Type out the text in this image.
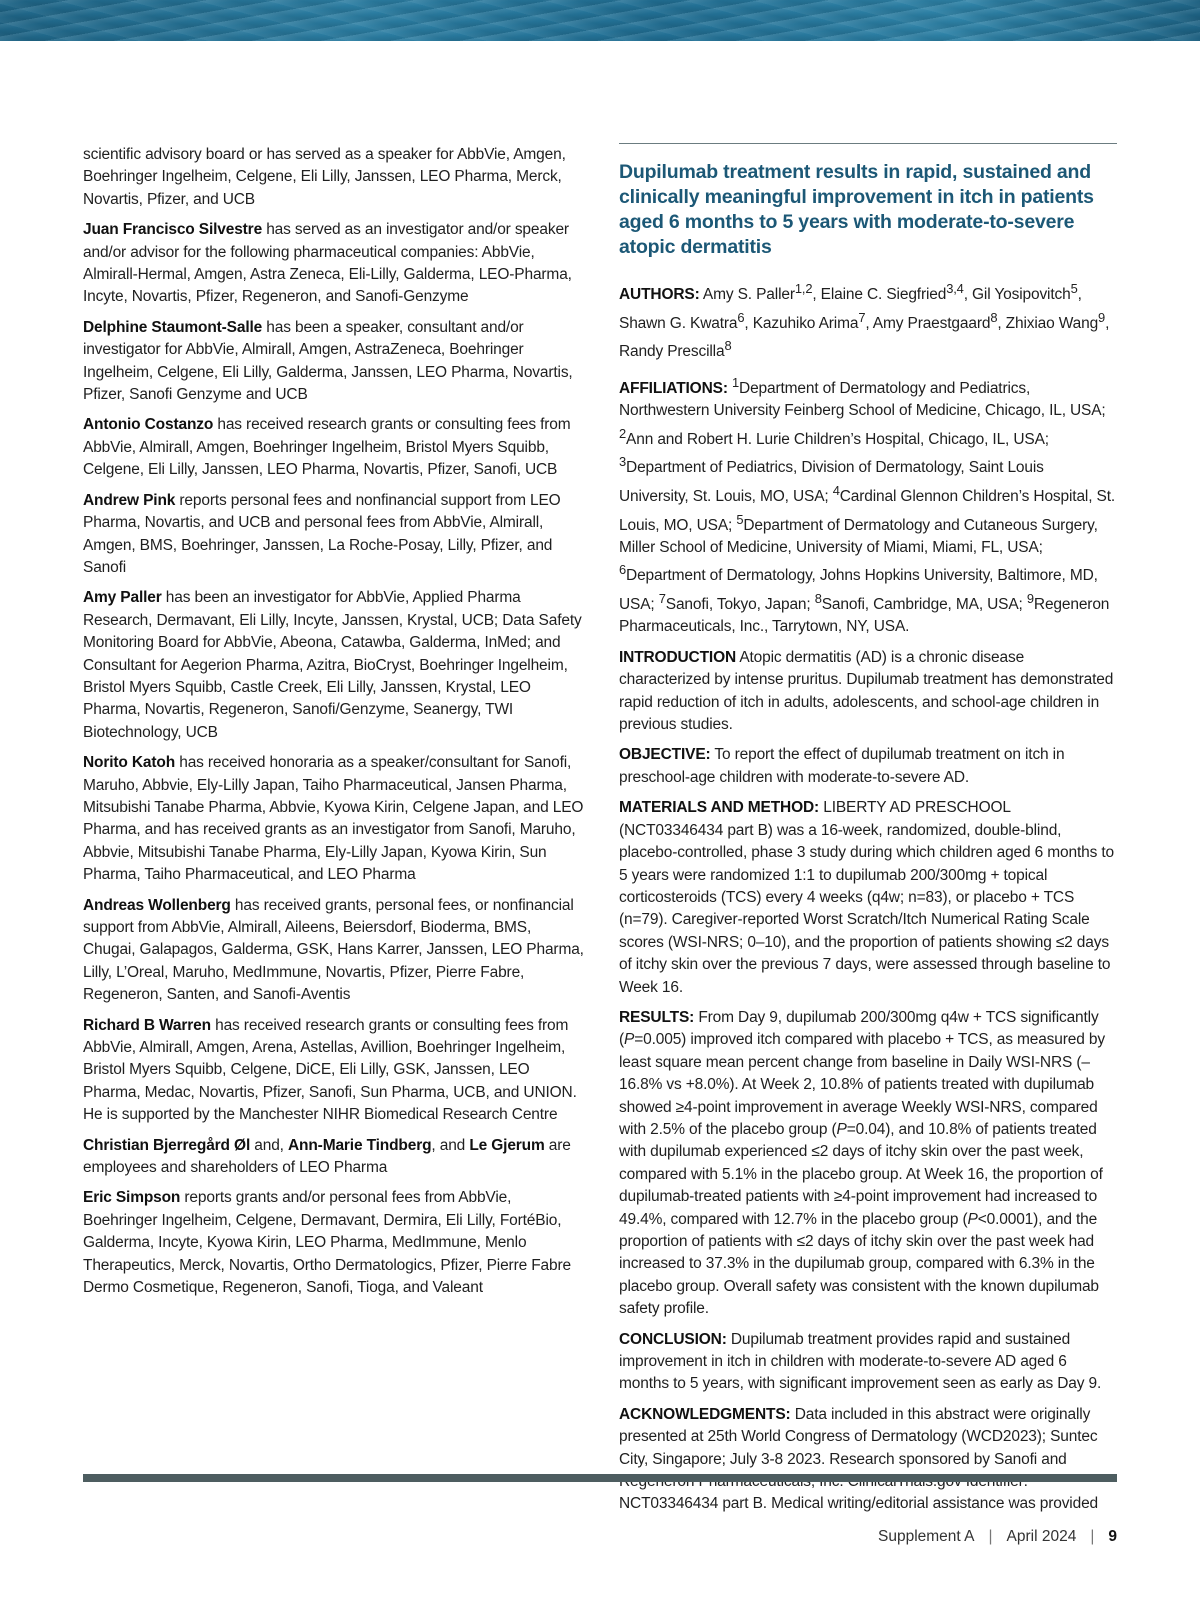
scientific advisory board or has served as a speaker for AbbVie, Amgen, Boehringer Ingelheim, Celgene, Eli Lilly, Janssen, LEO Pharma, Merck, Novartis, Pfizer, and UCB

Juan Francisco Silvestre has served as an investigator and/or speaker and/or advisor for the following pharmaceutical companies: AbbVie, Almirall-Hermal, Amgen, Astra Zeneca, Eli-Lilly, Galderma, LEO-Pharma, Incyte, Novartis, Pfizer, Regeneron, and Sanofi-Genzyme

Delphine Staumont-Salle has been a speaker, consultant and/or investigator for AbbVie, Almirall, Amgen, AstraZeneca, Boehringer Ingelheim, Celgene, Eli Lilly, Galderma, Janssen, LEO Pharma, Novartis, Pfizer, Sanofi Genzyme and UCB

Antonio Costanzo has received research grants or consulting fees from AbbVie, Almirall, Amgen, Boehringer Ingelheim, Bristol Myers Squibb, Celgene, Eli Lilly, Janssen, LEO Pharma, Novartis, Pfizer, Sanofi, UCB

Andrew Pink reports personal fees and nonfinancial support from LEO Pharma, Novartis, and UCB and personal fees from AbbVie, Almirall, Amgen, BMS, Boehringer, Janssen, La Roche-Posay, Lilly, Pfizer, and Sanofi

Amy Paller has been an investigator for AbbVie, Applied Pharma Research, Dermavant, Eli Lilly, Incyte, Janssen, Krystal, UCB; Data Safety Monitoring Board for AbbVie, Abeona, Catawba, Galderma, InMed; and Consultant for Aegerion Pharma, Azitra, BioCryst, Boehringer Ingelheim, Bristol Myers Squibb, Castle Creek, Eli Lilly, Janssen, Krystal, LEO Pharma, Novartis, Regeneron, Sanofi/Genzyme, Seanergy, TWI Biotechnology, UCB

Norito Katoh has received honoraria as a speaker/consultant for Sanofi, Maruho, Abbvie, Ely-Lilly Japan, Taiho Pharmaceutical, Jansen Pharma, Mitsubishi Tanabe Pharma, Abbvie, Kyowa Kirin, Celgene Japan, and LEO Pharma, and has received grants as an investigator from Sanofi, Maruho, Abbvie, Mitsubishi Tanabe Pharma, Ely-Lilly Japan, Kyowa Kirin, Sun Pharma, Taiho Pharmaceutical, and LEO Pharma

Andreas Wollenberg has received grants, personal fees, or nonfinancial support from AbbVie, Almirall, Aileens, Beiersdorf, Bioderma, BMS, Chugai, Galapagos, Galderma, GSK, Hans Karrer, Janssen, LEO Pharma, Lilly, L’Oreal, Maruho, MedImmune, Novartis, Pfizer, Pierre Fabre, Regeneron, Santen, and Sanofi-Aventis

Richard B Warren has received research grants or consulting fees from AbbVie, Almirall, Amgen, Arena, Astellas, Avillion, Boehringer Ingelheim, Bristol Myers Squibb, Celgene, DiCE, Eli Lilly, GSK, Janssen, LEO Pharma, Medac, Novartis, Pfizer, Sanofi, Sun Pharma, UCB, and UNION. He is supported by the Manchester NIHR Biomedical Research Centre

Christian Bjerregård Øl and, Ann-Marie Tindberg, and Le Gjerum are employees and shareholders of LEO Pharma

Eric Simpson reports grants and/or personal fees from AbbVie, Boehringer Ingelheim, Celgene, Dermavant, Dermira, Eli Lilly, FortéBio, Galderma, Incyte, Kyowa Kirin, LEO Pharma, MedImmune, Menlo Therapeutics, Merck, Novartis, Ortho Dermatologics, Pfizer, Pierre Fabre Dermo Cosmetique, Regeneron, Sanofi, Tioga, and Valeant

Dupilumab treatment results in rapid, sustained and clinically meaningful improvement in itch in patients aged 6 months to 5 years with moderate-to-severe atopic dermatitis

AUTHORS: Amy S. Paller$^{1,2}$, Elaine C. Siegfried$^{3,4}$, Gil Yosipovitch$^5$, Shawn G. Kwatra$^6$, Kazuhiko Arima$^7$, Amy Praestgaard$^8$, Zhixiao Wang$^9$, Randy Prescilla$^8$

AFFILIATIONS: $^1$Department of Dermatology and Pediatrics, Northwestern University Feinberg School of Medicine, Chicago, IL, USA; $^2$Ann and Robert H. Lurie Children’s Hospital, Chicago, IL, USA; $^3$Department of Pediatrics, Division of Dermatology, Saint Louis University, St. Louis, MO, USA; $^4$Cardinal Glennon Children’s Hospital, St. Louis, MO, USA; $^5$Department of Dermatology and Cutaneous Surgery, Miller School of Medicine, University of Miami, Miami, FL, USA; $^6$Department of Dermatology, Johns Hopkins University, Baltimore, MD, USA; $^7$Sanofi, Tokyo, Japan; $^8$Sanofi, Cambridge, MA, USA; $^9$Regeneron Pharmaceuticals, Inc., Tarrytown, NY, USA.

INTRODUCTION Atopic dermatitis (AD) is a chronic disease characterized by intense pruritus. Dupilumab treatment has demonstrated rapid reduction of itch in adults, adolescents, and school-age children in previous studies.

OBJECTIVE: To report the effect of dupilumab treatment on itch in preschool-age children with moderate-to-severe AD.

MATERIALS AND METHOD: LIBERTY AD PRESCHOOL (NCT03346434 part B) was a 16-week, randomized, double-blind, placebo-controlled, phase 3 study during which children aged 6 months to 5 years were randomized 1:1 to dupilumab 200/300mg + topical corticosteroids (TCS) every 4 weeks (q4w; n=83), or placebo + TCS (n=79). Caregiver-reported Worst Scratch/Itch Numerical Rating Scale scores (WSI-NRS; 0–10), and the proportion of patients showing ≤2 days of itchy skin over the previous 7 days, were assessed through baseline to Week 16.

RESULTS: From Day 9, dupilumab 200/300mg q4w + TCS significantly (P=0.005) improved itch compared with placebo + TCS, as measured by least square mean percent change from baseline in Daily WSI-NRS (–16.8% vs +8.0%). At Week 2, 10.8% of patients treated with dupilumab showed ≥4-point improvement in average Weekly WSI-NRS, compared with 2.5% of the placebo group (P=0.04), and 10.8% of patients treated with dupilumab experienced ≤2 days of itchy skin over the past week, compared with 5.1% in the placebo group. At Week 16, the proportion of dupilumab-treated patients with ≥4-point improvement had increased to 49.4%, compared with 12.7% in the placebo group (P<0.0001), and the proportion of patients with ≤2 days of itchy skin over the past week had increased to 37.3% in the dupilumab group, compared with 6.3% in the placebo group. Overall safety was consistent with the known dupilumab safety profile.

CONCLUSION: Dupilumab treatment provides rapid and sustained improvement in itch in children with moderate-to-severe AD aged 6 months to 5 years, with significant improvement seen as early as Day 9.

ACKNOWLEDGMENTS: Data included in this abstract were originally presented at 25th World Congress of Dermatology (WCD2023); Suntec City, Singapore; July 3-8 2023. Research sponsored by Sanofi and NCT03346434 part B. Medical writing/editorial assistance was provided

Supplement A | April 2024 | 9
